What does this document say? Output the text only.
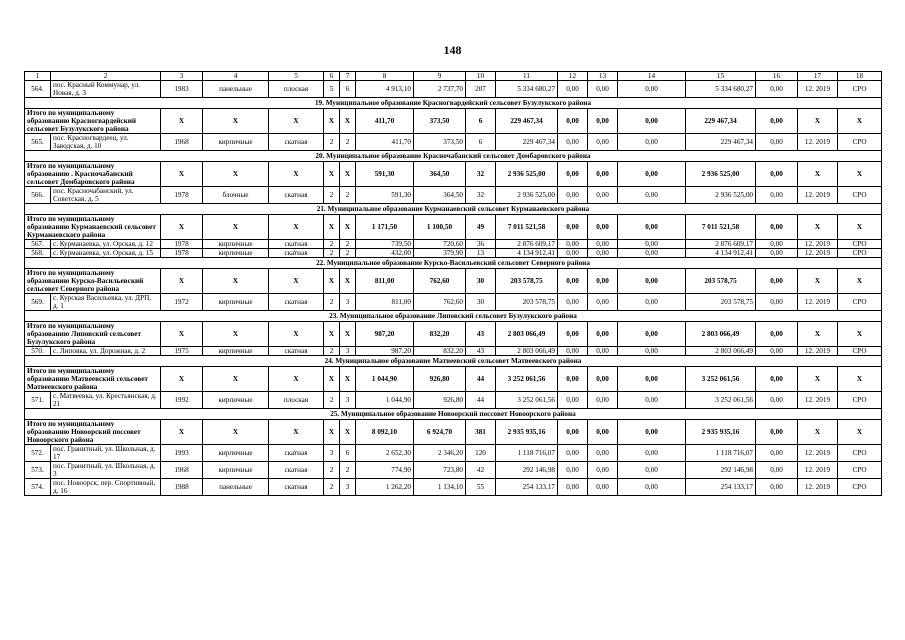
148
1	2	3	4	5	6	7	8	9	10	11	12	13	14	15	16	17	18
564.	пос. Красный Коммунар, ул. Новая, д. 3	1983	панельные	плоская	5	6	4 913,10	2 737,70	207	5 334 680,27	0,00	0,00	0,00	5 334 680,27	0,00	12. 2019	СРО
19. Муниципальное образование Красногвардейский сельсовет Бузулукского района																	
Итого по муниципальному образованию Красногвардейский сельсовет Бузулукского района		X	X	X	X	X	411,70	373,50	6	229 467,34	0,00	0,00	0,00	229 467,34	0,00	X	X
565.	пос. Красногвардеец, ул. Заводская, д. 10	1968	кирпичные	скатная	2	2	411,70	373,50	6	229 467,34	0,00	0,00	0,00	229 467,34	0,00	12. 2019	СРО
20. Муниципальное образование Красночабанский сельсовет Домбаровского района																	
Итого по муниципальному образованию . Красночабанский сельсовет Домбаровского района		X	X	X	X	X	591,30	364,50	32	2 936 525,00	0,00	0,00	0,00	2 936 525,00	0,00	X	X
566.	пос. Красночабанский, ул. Советская, д. 5	1978	блочные	скатная	2	2	591,30	364,50	32	2 936 525,00	0,00	0,00	0,00	2 936 525,00	0,00	12. 2019	СРО
21. Муниципальное образование Курманаевский сельсовет Курманаевского района																	
Итого по муниципальному образованию Курманаевский сельсовет Курманаевского района		X	X	X	X	X	1 171,50	1 100,50	49	7 011 521,58	0,00	0,00	0,00	7 011 521,58	0,00	X	X
567.	с. Курманаевка, ул. Орская, д. 12	1978	кирпичные	скатная	2	2	739,50	720,60	36	2 876 609,17	0,00	0,00	0,00	2 876 609,17	0,00	12. 2019	СРО
568.	с. Курманаевка, ул. Орская, д. 15	1978	кирпичные	скатная	2	2	432,00	379,90	13	4 134 912,41	0,00	0,00	0,00	4 134 912,41	0,00	12. 2019	СРО
22. Муниципальное образование Курско-Васильевский сельсовет Северного района																	
Итого по муниципальному образованию Курско-Васильевский сельсовет Северного района		X	X	X	X	X	811,00	762,60	30	203 578,75	0,00	0,00	0,00	203 578,75	0,00	X	X
569.	с. Курская Васильевка, ул. ДРП, д. 1	1972	кирпичные	скатная	2	3	811,00	762,60	30	203 578,75	0,00	0,00	0,00	203 578,75	0,00	12. 2019	СРО
23. Муниципальное образование Липовский сельсовет Бузулукского района																	
Итого по муниципальному образованию Липовский сельсовет Бузулукского района		X	X	X	X	X	987,20	832,20	43	2 803 066,49	0,00	0,00	0,00	2 803 066,49	0,00	X	X
570.	с. Липовка, ул. Дорожная, д. 2	1975	кирпичные	скатная	2	3	987,20	832,20	43	2 803 066,49	0,00	0,00	0,00	2 803 066,49	0,00	12. 2019	СРО
24. Муниципальное образование Матвеевский сельсовет Матвеевского района																	
Итого по муниципальному образованию Матвеевский сельсовет Матвеевского района		X	X	X	X	X	1 044,90	926,80	44	3 252 061,56	0,00	0,00	0,00	3 252 061,56	0,00	X	X
571.	с. Матвеевка, ул. Крестьянская, д. 21	1992	кирпичные	плоская	2	3	1 044,90	926,80	44	3 252 061,56	0,00	0,00	0,00	3 252 061,56	0,00	12. 2019	СРО
25. Муниципальное образование Новоорский поссовет Новоорского района																	
Итого по муниципальному образованию Новоорский поссовет Новоорского района		X	X	X	X	X	8 092,10	6 924,70	381	2 935 935,16	0,00	0,00	0,00	2 935 935,16	0,00	X	X
572.	пос. Гранитный, ул. Школьная, д. 17	1993	кирпичные	скатная	3	6	2 652,30	2 346,20	120	1 118 716,07	0,00	0,00	0,00	1 118 716,07	0,00	12. 2019	СРО
573.	пос. Гранитный, ул. Школьная, д. 3	1968	кирпичные	скатная	2	2	774,90	723,80	42	292 146,98	0,00	0,00	0,00	292 146,98	0,00	12. 2019	СРО
574.	пос. Новоорск, пер. Спортивный, д. 16	1988	панельные	скатная	2	3	1 262,20	1 134,10	55	254 133,17	0,00	0,00	0,00	254 133,17	0,00	12. 2019	СРО
